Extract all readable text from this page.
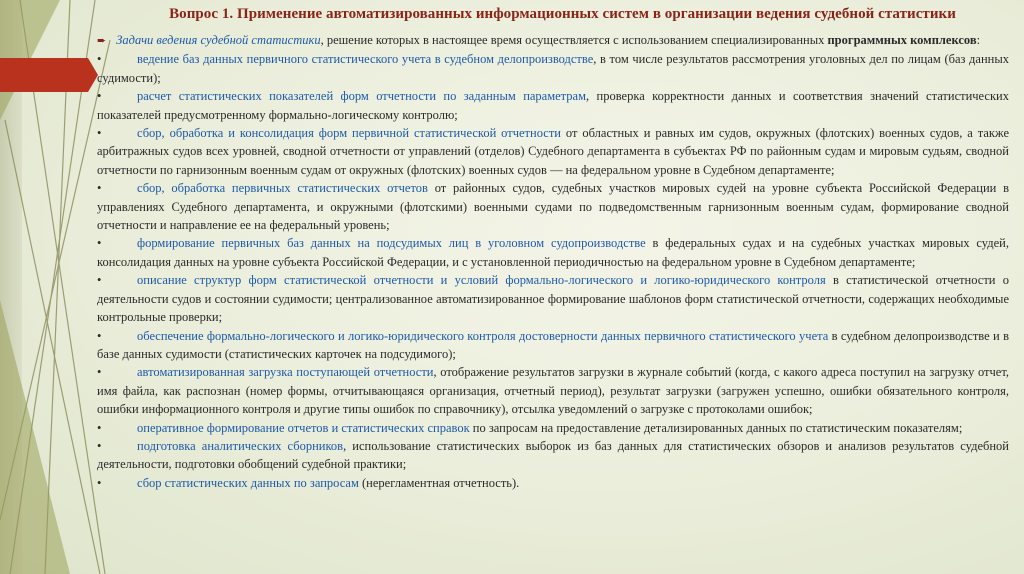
Вопрос 1. Применение автоматизированных информационных систем в организации ведения судебной статистики
➨ Задачи ведения судебной статистики, решение которых в настоящее время осуществляется с использованием специализированных программных комплексов:
•	ведение баз данных первичного статистического учета в судебном делопроизводстве, в том числе результатов рассмотрения уголовных дел по лицам (баз данных судимости);
•	расчет статистических показателей форм отчетности по заданным параметрам, проверка корректности данных и соответствия значений статистических показателей предусмотренному формально-логическому контролю;
•	сбор, обработка и консолидация форм первичной статистической отчетности от областных и равных им судов, окружных (флотских) военных судов, а также арбитражных судов всех уровней, сводной отчетности от управлений (отделов) Судебного департамента в субъектах РФ по районным судам и мировым судьям, сводной отчетности по гарнизонным военным судам от окружных (флотских) военных судов — на федеральном уровне в Судебном департаменте;
•	сбор, обработка первичных статистических отчетов от районных судов, судебных участков мировых судей на уровне субъекта Российской Федерации в управлениях Судебного департамента, и окружными (флотскими) военными судами по подведомственным гарнизонным военным судам, формирование сводной отчетности и направление ее на федеральный уровень;
•	формирование первичных баз данных на подсудимых лиц в уголовном судопроизводстве в федеральных судах и на судебных участках мировых судей, консолидация данных на уровне субъекта Российской Федерации, и с установленной периодичностью на федеральном уровне в Судебном департаменте;
•	описание структур форм статистической отчетности и условий формально-логического и логико-юридического контроля в статистической отчетности о деятельности судов и состоянии судимости; централизованное автоматизированное формирование шаблонов форм статистической отчетности, содержащих необходимые контрольные проверки;
•	обеспечение формально-логического и логико-юридического контроля достоверности данных первичного статистического учета в судебном делопроизводстве и в базе данных судимости (статистических карточек на подсудимого);
•	автоматизированная загрузка поступающей отчетности, отображение результатов загрузки в журнале событий (когда, с какого адреса поступил на загрузку отчет, имя файла, как распознан (номер формы, отчитывающаяся организация, отчетный период), результат загрузки (загружен успешно, ошибки обязательного контроля, ошибки информационного контроля и другие типы ошибок по справочнику), отсылка уведомлений о загрузке с протоколами ошибок;
•	оперативное формирование отчетов и статистических справок по запросам на предоставление детализированных данных по статистическим показателям;
•	подготовка аналитических сборников, использование статистических выборок из баз данных для статистических обзоров и анализов результатов судебной деятельности, подготовки обобщений судебной практики;
•	сбор статистических данных по запросам (нерегламентная отчетность).
